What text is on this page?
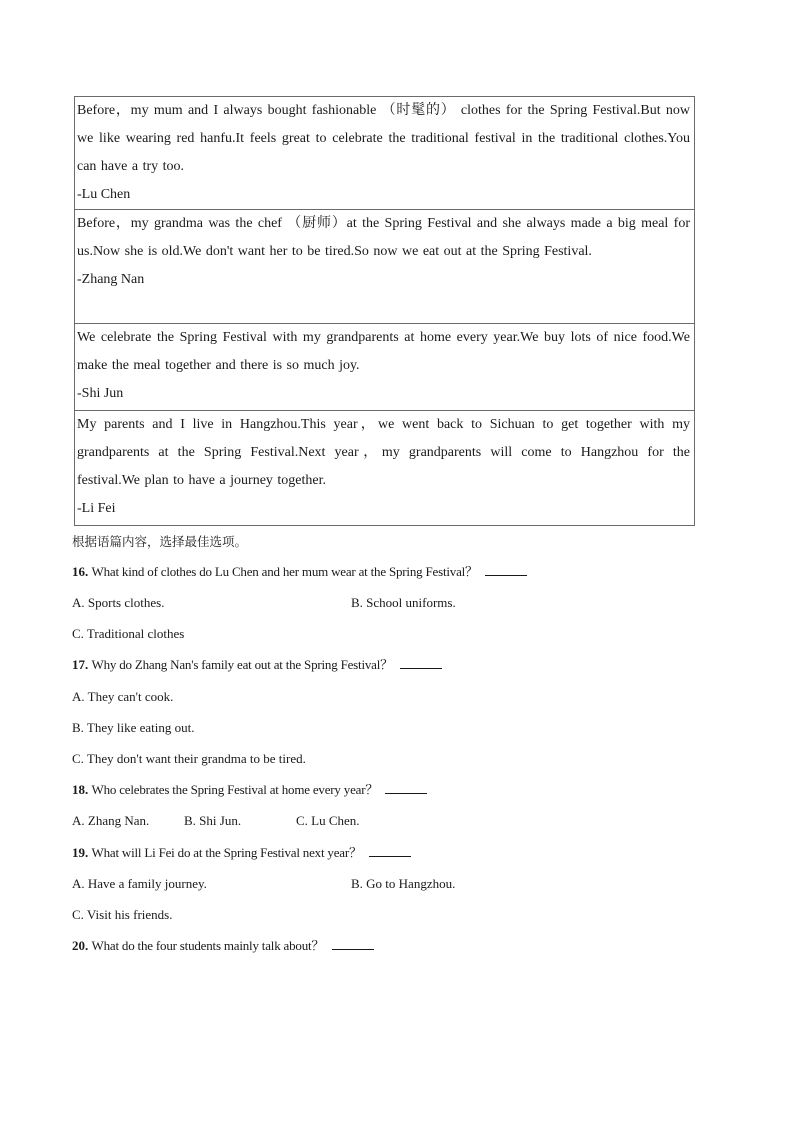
Before，my mum and I always bought fashionable （时髦的） clothes for the Spring Festival.But now we like wearing red hanfu.It feels great to celebrate the traditional festival in the traditional clothes.You can have a try too.

-Lu Chen

Before，my grandma was the chef （厨师）at the Spring Festival and she always made a big meal for us.Now she is old.We don't want her to be tired.So now we eat out at the Spring Festival.

-Zhang Nan

We celebrate the Spring Festival with my grandparents at home every year.We buy lots of nice food.We make the meal together and there is so much joy.

-Shi Jun

My parents and I live in Hangzhou.This year，we went back to Sichuan to get together with my grandparents at the Spring Festival.Next year，my grandparents will come to Hangzhou for the festival.We plan to have a journey together.

-Li Fei

根据语篇内容，选择最佳选项。
16. What kind of clothes do Lu Chen and her mum wear at the Spring Festival？
A. Sports clothes.	B. School uniforms.
C. Traditional clothes
17. Why do Zhang Nan's family eat out at the Spring Festival？
A. They can't cook.
B. They like eating out.
C. They don't want their grandma to be tired.
18. Who celebrates the Spring Festival at home every year？
A. Zhang Nan.	B. Shi Jun.	C. Lu Chen.
19. What will Li Fei do at the Spring Festival next year？
A. Have a family journey.	B. Go to Hangzhou.
C. Visit his friends.
20. What do the four students mainly talk about？
